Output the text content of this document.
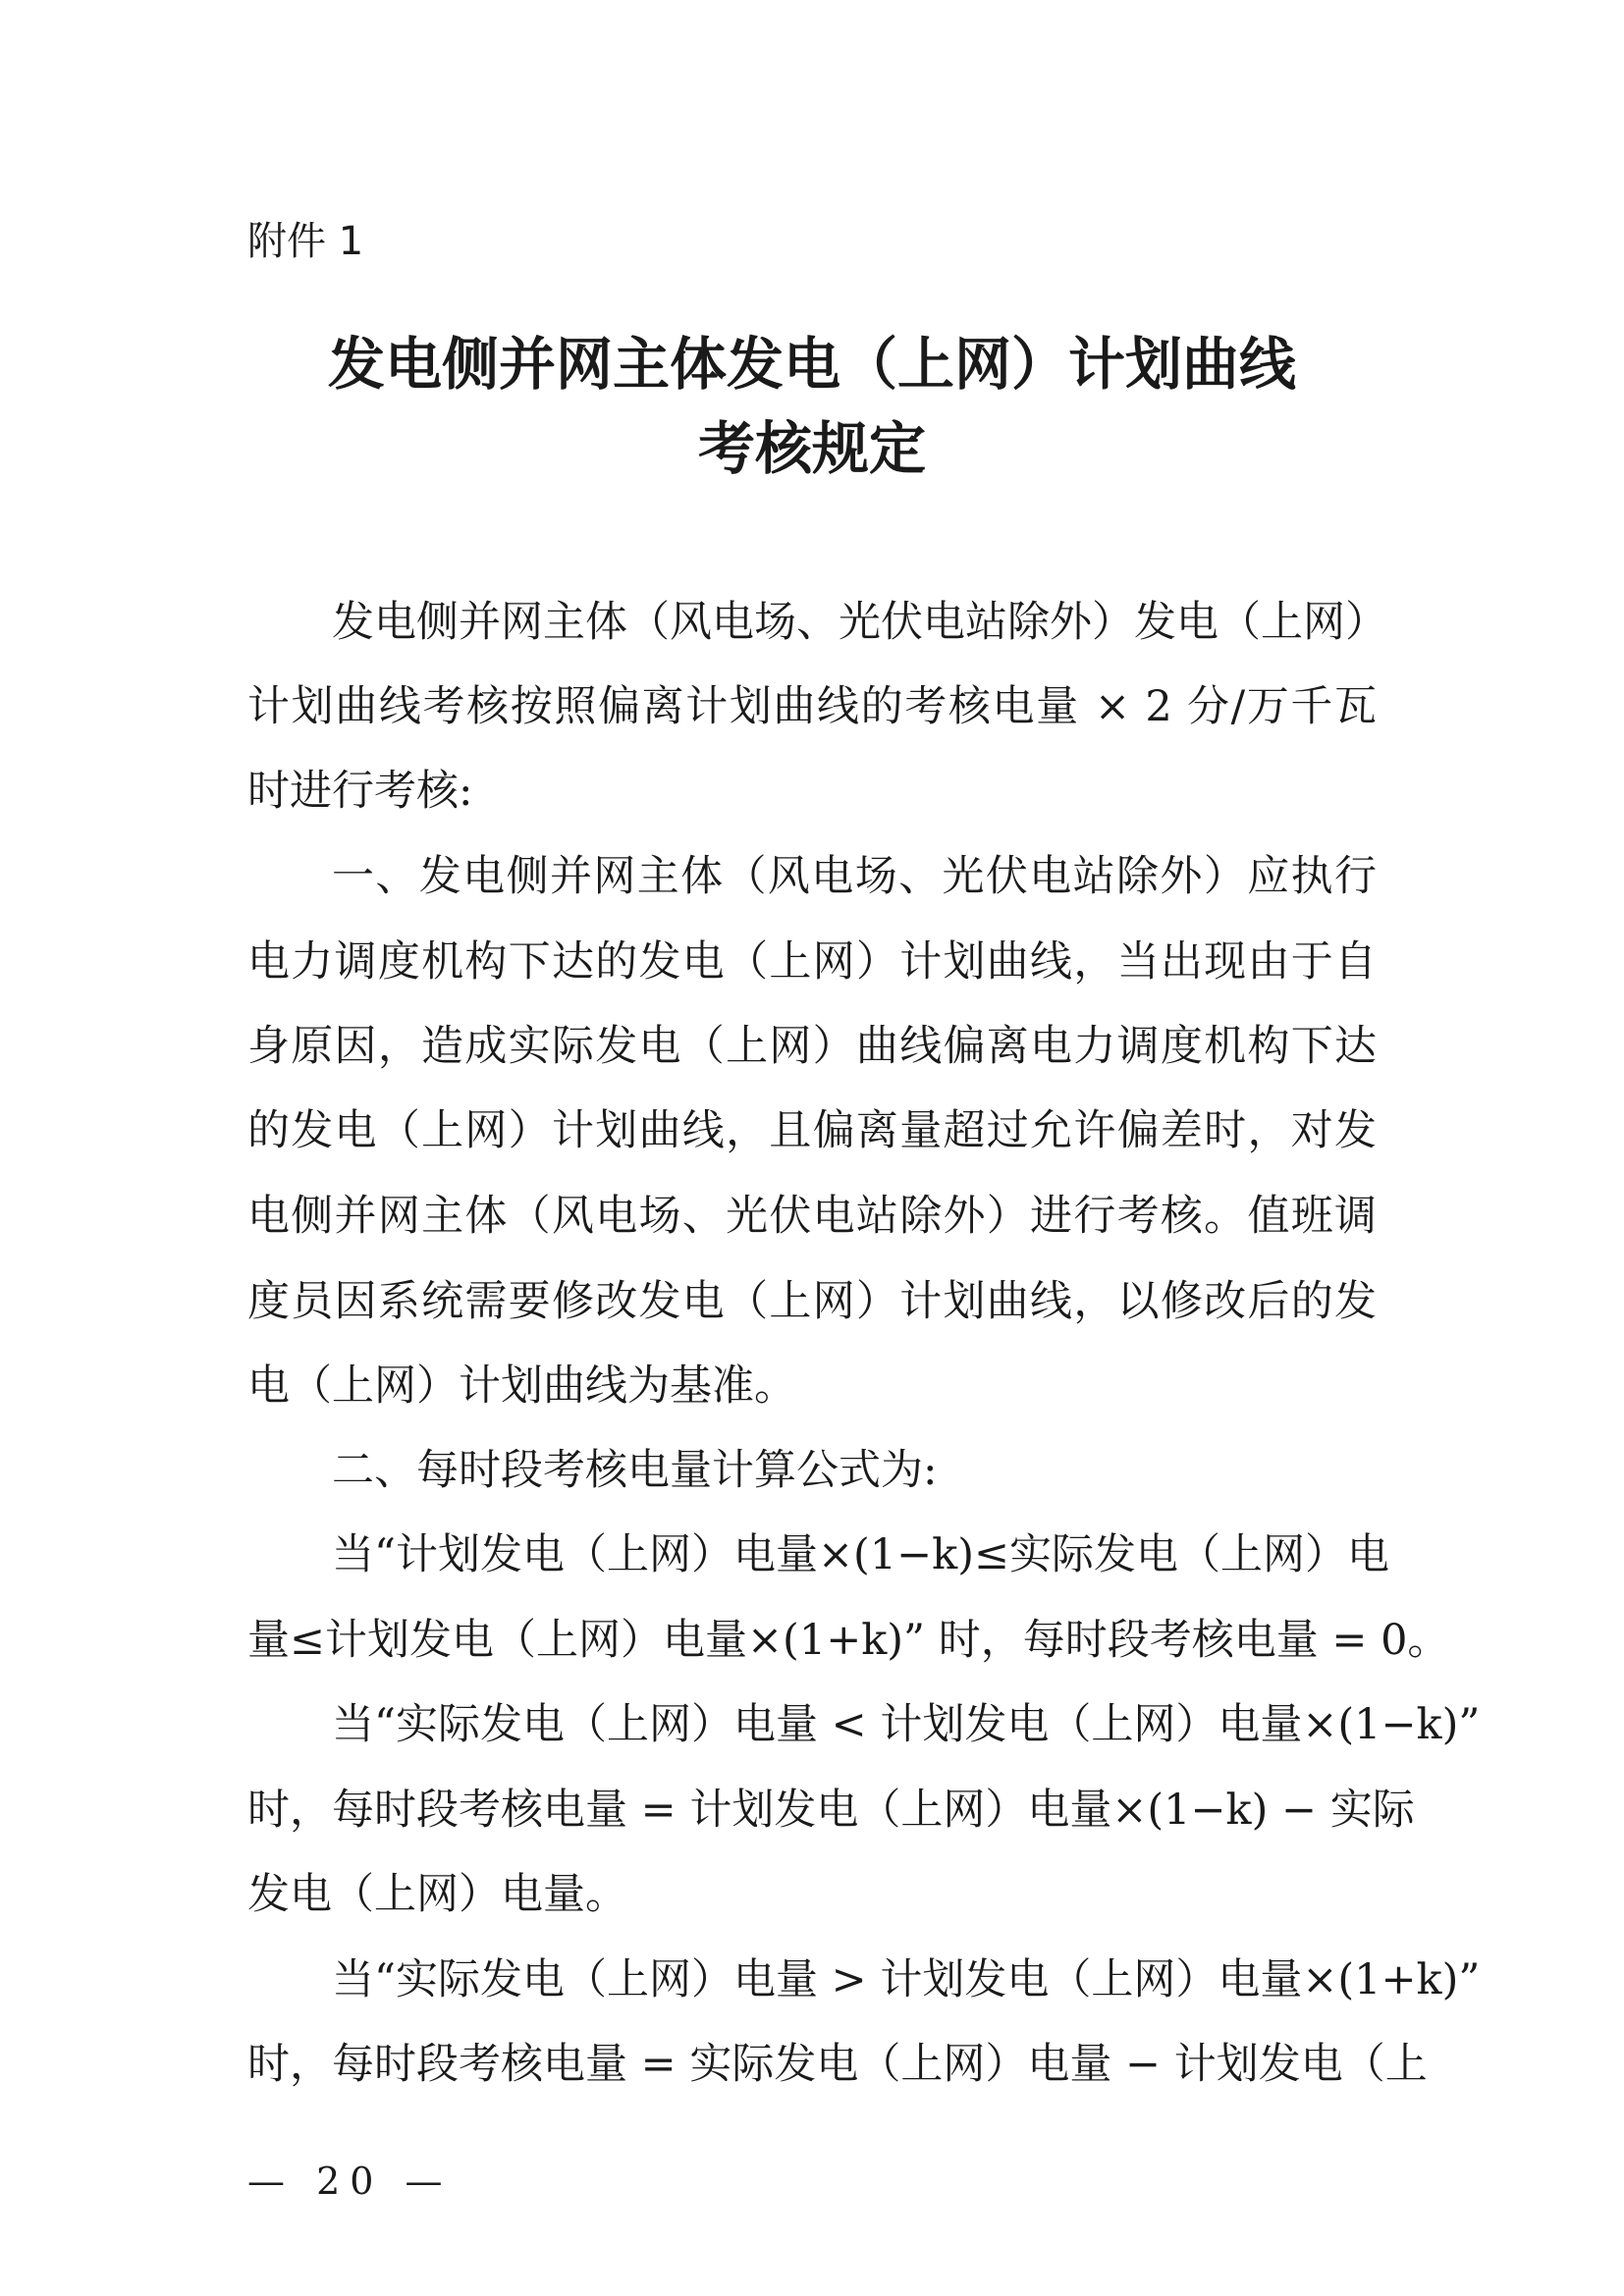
附件 1
发电侧并网主体发电（上网）计划曲线
考核规定
发电侧并网主体（风电场、光伏电站除外）发电（上网）
计划曲线考核按照偏离计划曲线的考核电量 × 2 分/万千瓦
时进行考核:
一、发电侧并网主体（风电场、光伏电站除外）应执行
电力调度机构下达的发电（上网）计划曲线，当出现由于自
身原因，造成实际发电（上网）曲线偏离电力调度机构下达
的发电（上网）计划曲线，且偏离量超过允许偏差时，对发
电侧并网主体（风电场、光伏电站除外）进行考核。值班调
度员因系统需要修改发电（上网）计划曲线，以修改后的发
电（上网）计划曲线为基准。
二、每时段考核电量计算公式为:
当“计划发电（上网）电量×(1−k)≤实际发电（上网）电
量≤计划发电（上网）电量×(1+k)” 时，每时段考核电量 = 0。
当“实际发电（上网）电量 < 计划发电（上网）电量×(1−k)”
时，每时段考核电量 = 计划发电（上网）电量×(1−k) − 实际
发电（上网）电量。
当“实际发电（上网）电量 > 计划发电（上网）电量×(1+k)”
时，每时段考核电量 = 实际发电（上网）电量 − 计划发电（上
— 20 —
